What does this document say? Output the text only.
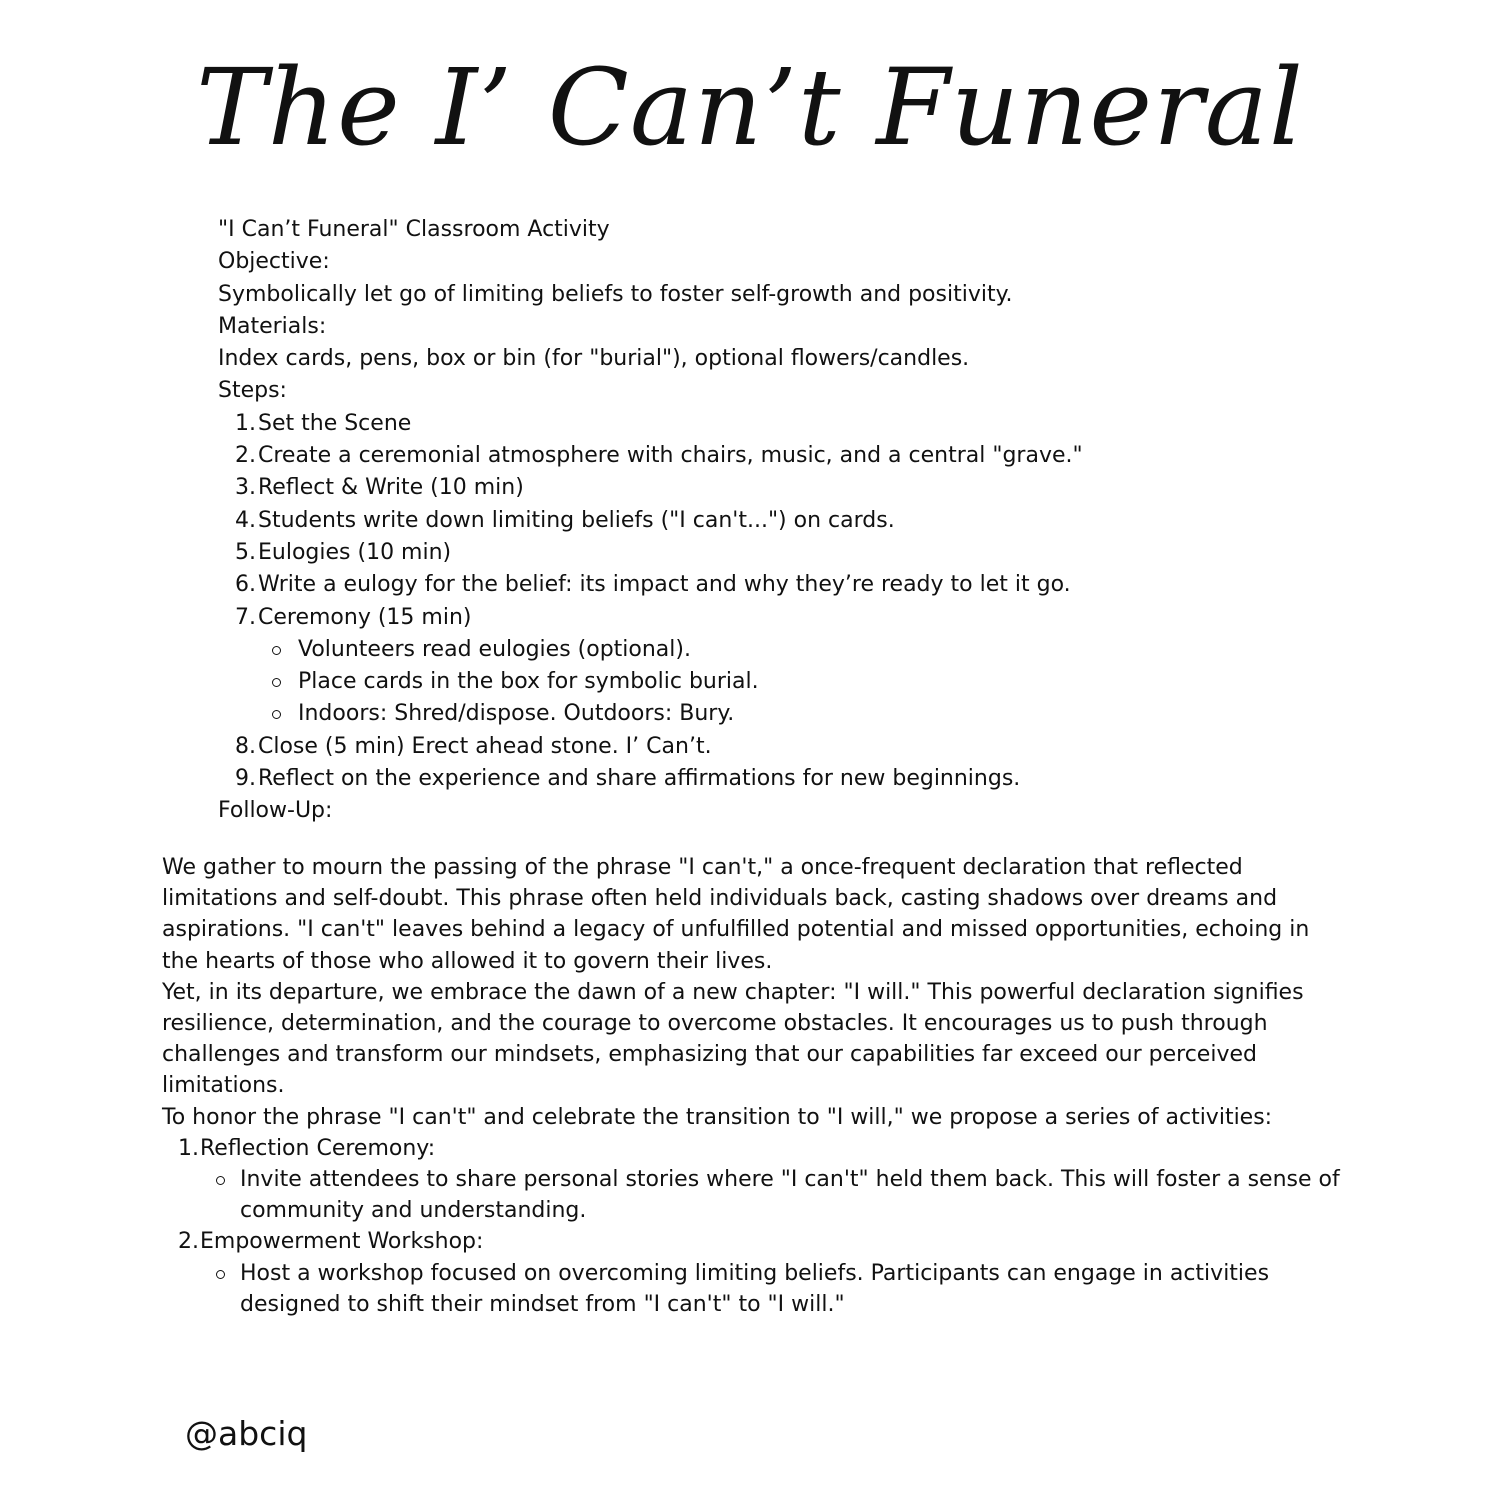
The I’ Can’t Funeral
"I Can’t Funeral" Classroom Activity
Objective:
Symbolically let go of limiting beliefs to foster self-growth and positivity.
Materials:
Index cards, pens, box or bin (for "burial"), optional flowers/candles.
Steps:
1. Set the Scene
2. Create a ceremonial atmosphere with chairs, music, and a central "grave."
3. Reflect & Write (10 min)
4. Students write down limiting beliefs ("I can't...") on cards.
5. Eulogies (10 min)
6. Write a eulogy for the belief: its impact and why they’re ready to let it go.
7. Ceremony (15 min)
Volunteers read eulogies (optional).
Place cards in the box for symbolic burial.
Indoors: Shred/dispose. Outdoors: Bury.
8. Close (5 min) Erect ahead stone. I’ Can’t.
9. Reflect on the experience and share affirmations for new beginnings.
Follow-Up:

We gather to mourn the passing of the phrase "I can't," a once-frequent declaration that reflected limitations and self-doubt. This phrase often held individuals back, casting shadows over dreams and aspirations. "I can't" leaves behind a legacy of unfulfilled potential and missed opportunities, echoing in the hearts of those who allowed it to govern their lives.

Yet, in its departure, we embrace the dawn of a new chapter: "I will." This powerful declaration signifies resilience, determination, and the courage to overcome obstacles. It encourages us to push through challenges and transform our mindsets, emphasizing that our capabilities far exceed our perceived limitations.

To honor the phrase "I can't" and celebrate the transition to "I will," we propose a series of activities:

1. Reflection Ceremony:
Invite attendees to share personal stories where "I can't" held them back. This will foster a sense of community and understanding.
2. Empowerment Workshop:
Host a workshop focused on overcoming limiting beliefs. Participants can engage in activities designed to shift their mindset from "I can't" to "I will."
@abciq
